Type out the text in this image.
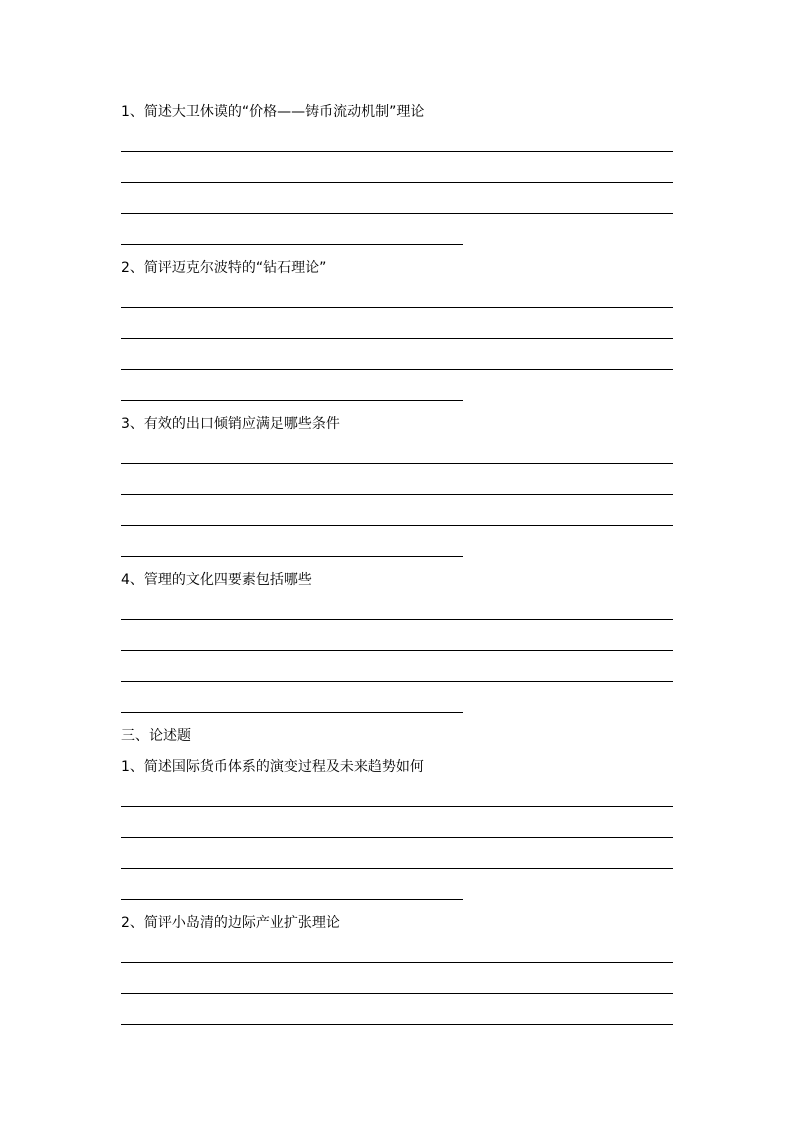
1、简述大卫休谟的“价格——铸币流动机制”理论
2、简评迈克尔波特的“钻石理论”
3、有效的出口倾销应满足哪些条件
4、管理的文化四要素包括哪些
三、论述题
1、简述国际货币体系的演变过程及未来趋势如何
2、简评小岛清的边际产业扩张理论
